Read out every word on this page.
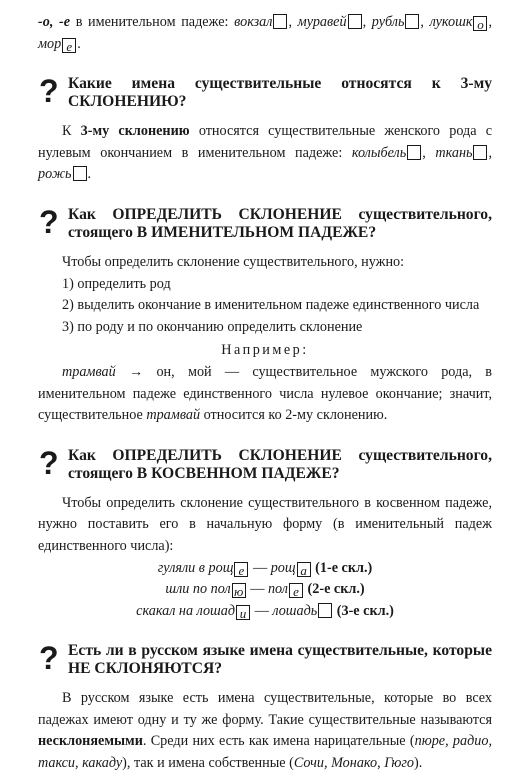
-о, -е в именительном падеже: вокзал , муравей , рубль , лукошк о , мор е .

? Какие имена существительные относятся к 3-му СКЛОНЕНИЮ?

К 3-му склонению относятся существительные женского рода с нулевым окончанием в именительном падеже: колыбель , ткань , рожь .

? Как ОПРЕДЕЛИТЬ СКЛОНЕНИЕ существительного, стоящего В ИМЕНИТЕЛЬНОМ ПАДЕЖЕ?

Чтобы определить склонение существительного, нужно:

1) определить род

2) выделить окончание в именительном падеже единственного числа

3) по роду и по окончанию определить склонение

Например:

трамвай → он, мой — существительное мужского рода, в именительном падеже единственного числа нулевое окончание; значит, существительное трамвай относится ко 2-му склонению.

? Как ОПРЕДЕЛИТЬ СКЛОНЕНИЕ существительного, стоящего В КОСВЕННОМ ПАДЕЖЕ?

Чтобы определить склонение существительного в косвенном падеже, нужно поставить его в начальную форму (в именительный падеж единственного числа):

гуляли в рощ е — рощ а (1-е скл.)

шли по пол ю — пол е (2-е скл.)

скакал на лошад и — лошадь (3-е скл.)

? Есть ли в русском языке имена существительные, которые НЕ СКЛОНЯЮТСЯ?

В русском языке есть имена существительные, которые во всех падежах имеют одну и ту же форму. Такие существительные называются несклоняемыми. Среди них есть как имена нарицательные (пюре, радио, такси, какаду), так и имена собственные (Сочи, Монако, Гюго).
